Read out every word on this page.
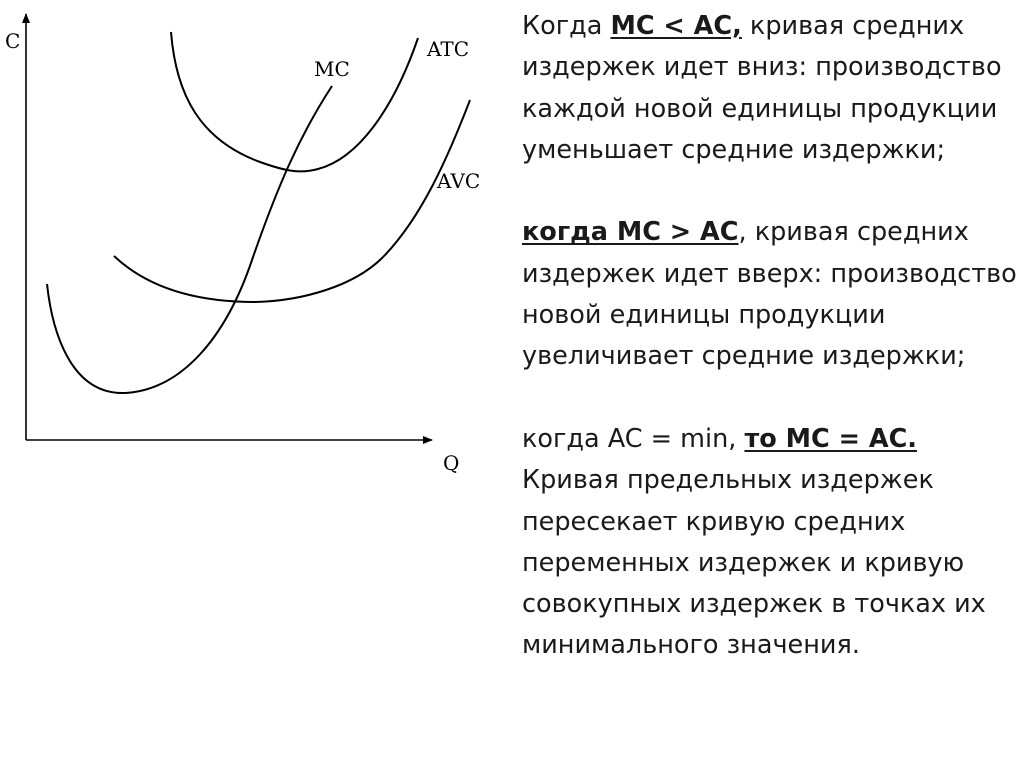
C
Q
MC
ATC
AVC

Когда MC < AC, кривая средних издержек идет вниз: производство каждой новой единицы продукции уменьшает средние издержки;

когда MC > AC, кривая средних издержек идет вверх: производство новой единицы продукции увеличивает средние издержки;

когда AC = min, то MC = AC. Кривая предельных издержек пересекает кривую средних переменных издержек и кривую совокупных издержек в точках их минимального значения.
